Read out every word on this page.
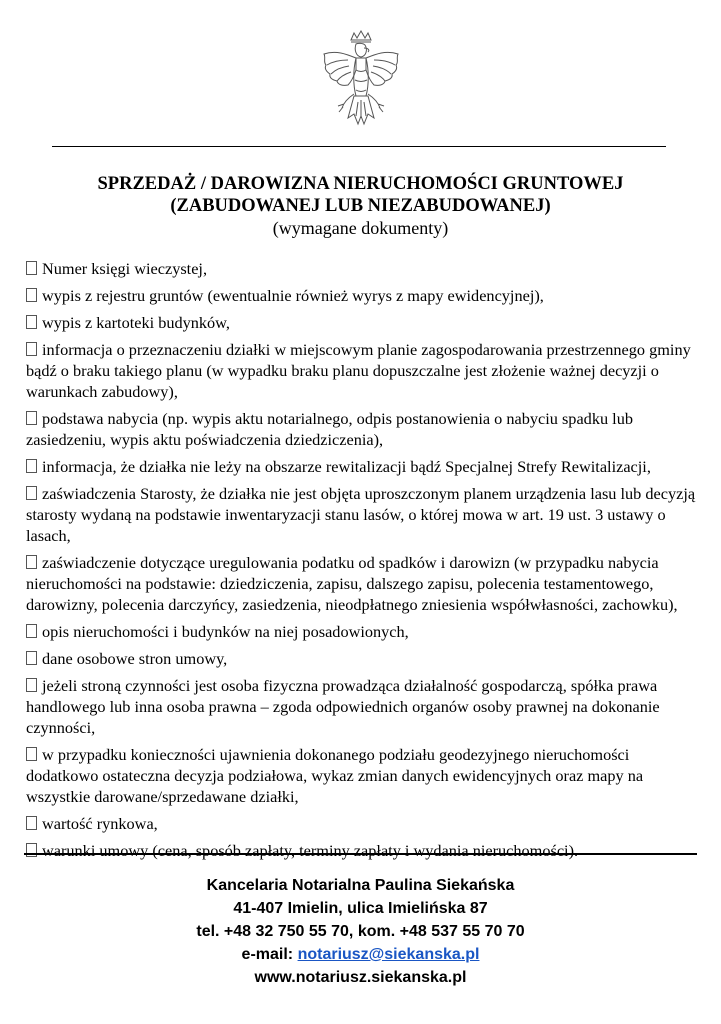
SPRZEDAŻ / DAROWIZNA NIERUCHOMOŚCI GRUNTOWEJ
(ZABUDOWANEJ LUB NIEZABUDOWANEJ)
(wymagane dokumenty)

Numer księgi wieczystej,

wypis z rejestru gruntów (ewentualnie również wyrys z mapy ewidencyjnej),

wypis z kartoteki budynków,

informacja o przeznaczeniu działki w miejscowym planie zagospodarowania przestrzennego gminy bądź o braku takiego planu (w wypadku braku planu dopuszczalne jest złożenie ważnej decyzji o warunkach zabudowy),

podstawa nabycia (np. wypis aktu notarialnego, odpis postanowienia o nabyciu spadku lub zasiedzeniu, wypis aktu poświadczenia dziedziczenia),

informacja, że działka nie leży na obszarze rewitalizacji bądź Specjalnej Strefy Rewitalizacji,

zaświadczenia Starosty, że działka nie jest objęta uproszczonym planem urządzenia lasu lub decyzją starosty wydaną na podstawie inwentaryzacji stanu lasów, o której mowa w art. 19 ust. 3 ustawy o lasach,

zaświadczenie dotyczące uregulowania podatku od spadków i darowizn (w przypadku nabycia nieruchomości na podstawie: dziedziczenia, zapisu, dalszego zapisu, polecenia testamentowego, darowizny, polecenia darczyńcy, zasiedzenia, nieodpłatnego zniesienia współwłasności, zachowku),

opis nieruchomości i budynków na niej posadowionych,

dane osobowe stron umowy,

jeżeli stroną czynności jest osoba fizyczna prowadząca działalność gospodarczą, spółka prawa handlowego lub inna osoba prawna – zgoda odpowiednich organów osoby prawnej na dokonanie czynności,

w przypadku konieczności ujawnienia dokonanego podziału geodezyjnego nieruchomości dodatkowo ostateczna decyzja podziałowa, wykaz zmian danych ewidencyjnych oraz mapy na wszystkie darowane/sprzedawane działki,

wartość rynkowa,

warunki umowy (cena, sposób zapłaty, terminy zapłaty i wydania nieruchomości).

Kancelaria Notarialna Paulina Siekańska
41-407 Imielin, ulica Imielińska 87
tel. +48 32 750 55 70, kom. +48 537 55 70 70
e-mail: notariusz@siekanska.pl
www.notariusz.siekanska.pl
